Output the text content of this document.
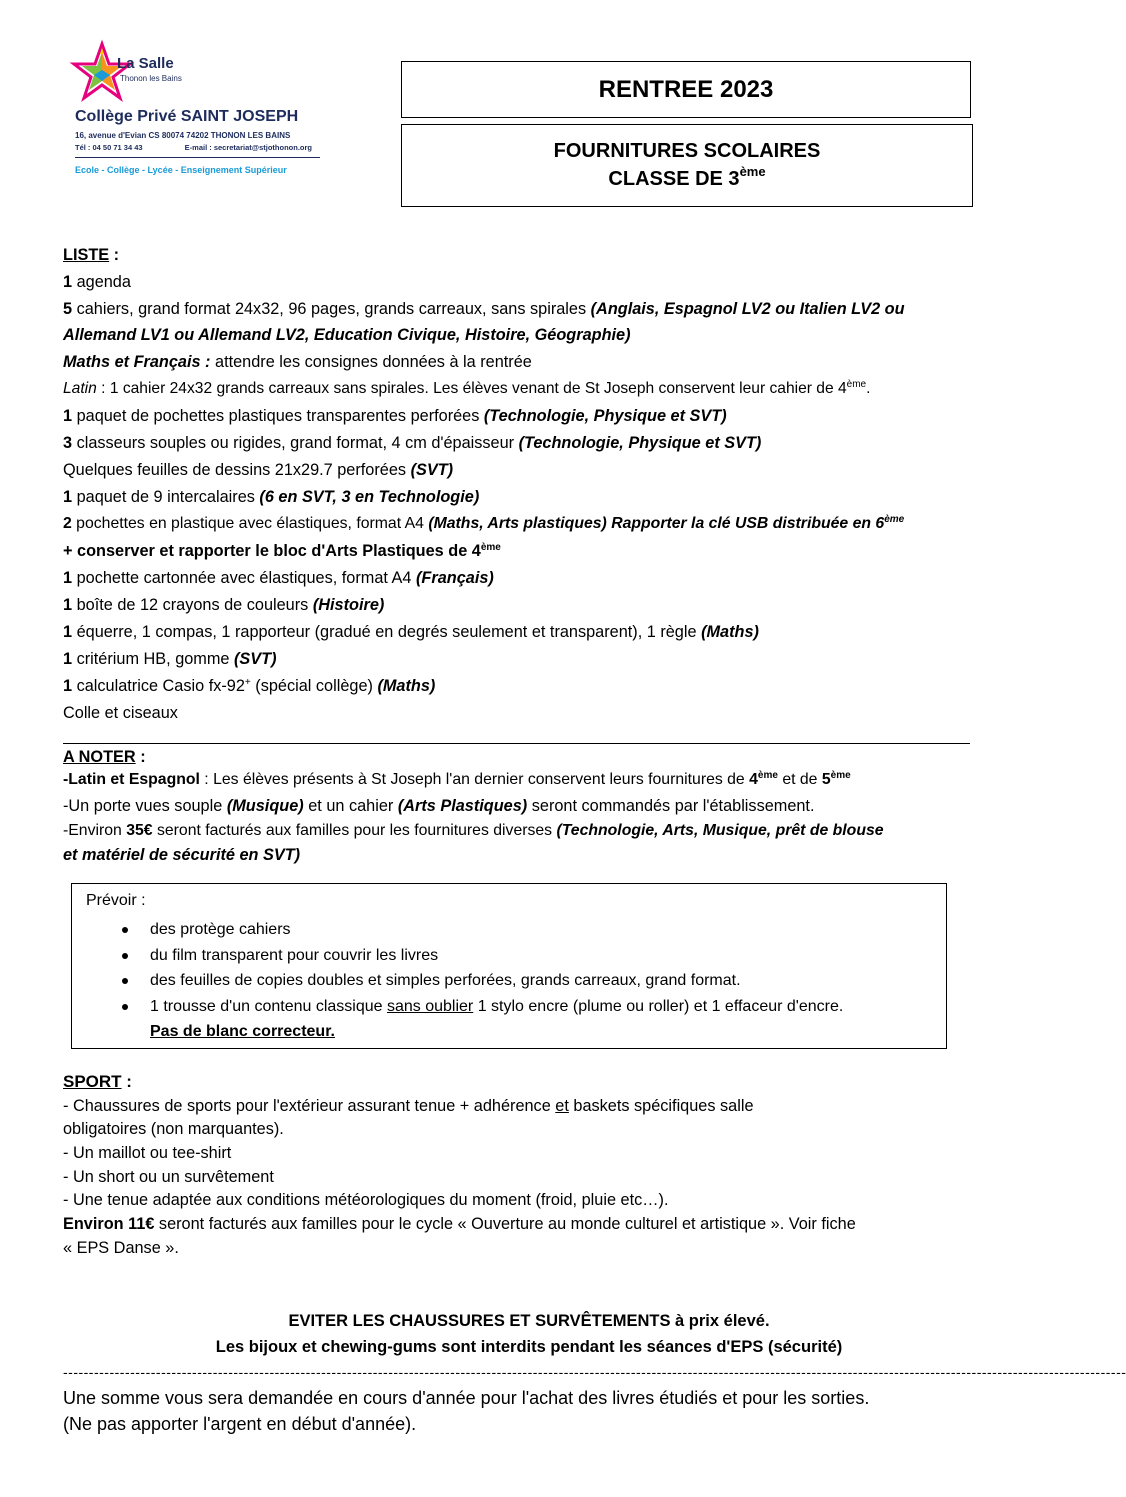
La Salle
Thonon les Bains
Collège Privé SAINT JOSEPH
16, avenue d'Evian CS 80074 74202 THONON LES BAINS
Tél : 04 50 71 34 43	E-mail : secretariat@stjothonon.org
Ecole - Collège - Lycée - Enseignement Supérieur
RENTREE 2023
FOURNITURES SCOLAIRES
CLASSE DE 3ème
LISTE :
1 agenda
5 cahiers, grand format 24x32, 96 pages, grands carreaux, sans spirales (Anglais, Espagnol LV2 ou Italien LV2 ou
Allemand LV1 ou Allemand LV2, Education Civique, Histoire, Géographie)
Maths et Français : attendre les consignes données à la rentrée
Latin : 1 cahier 24x32 grands carreaux sans spirales. Les élèves venant de St Joseph conservent leur cahier de 4ème.
1 paquet de pochettes plastiques transparentes perforées (Technologie, Physique et SVT)
3 classeurs souples ou rigides, grand format, 4 cm d'épaisseur (Technologie, Physique et SVT)
Quelques feuilles de dessins 21x29.7 perforées (SVT)
1 paquet de 9 intercalaires (6 en SVT, 3 en Technologie)
2 pochettes en plastique avec élastiques, format A4 (Maths, Arts plastiques) Rapporter la clé USB distribuée en 6ème
+ conserver et rapporter le bloc d'Arts Plastiques de 4ème
1 pochette cartonnée avec élastiques, format A4 (Français)
1 boîte de 12 crayons de couleurs (Histoire)
1 équerre, 1 compas, 1 rapporteur (gradué en degrés seulement et transparent), 1 règle (Maths)
1 critérium HB, gomme (SVT)
1 calculatrice Casio fx-92+ (spécial collège) (Maths)
Colle et ciseaux
A NOTER :
-Latin et Espagnol : Les élèves présents à St Joseph l'an dernier conservent leurs fournitures de 4ème et de 5ème
-Un porte vues souple (Musique) et un cahier (Arts Plastiques) seront commandés par l'établissement.
-Environ 35€ seront facturés aux familles pour les fournitures diverses (Technologie, Arts, Musique, prêt de blouse
et matériel de sécurité en SVT)
Prévoir :
des protège cahiers
du film transparent pour couvrir les livres
des feuilles de copies doubles et simples perforées, grands carreaux, grand format.
1 trousse d'un contenu classique sans oublier 1 stylo encre (plume ou roller) et 1 effaceur d'encre.
Pas de blanc correcteur.
SPORT :
- Chaussures de sports pour l'extérieur assurant tenue + adhérence et baskets spécifiques salle
obligatoires (non marquantes).
- Un maillot ou tee-shirt
- Un short ou un survêtement
- Une tenue adaptée aux conditions météorologiques du moment (froid, pluie etc…).
Environ 11€ seront facturés aux familles pour le cycle « Ouverture au monde culturel et artistique ». Voir fiche
« EPS Danse ».
EVITER LES CHAUSSURES ET SURVÊTEMENTS à prix élevé.
Les bijoux et chewing-gums sont interdits pendant les séances d'EPS (sécurité)
--------------------------------------------------------------------------------------------------------------------------------------------------------------------------------------------------------------
Une somme vous sera demandée en cours d'année pour l'achat des livres étudiés et pour les sorties.
(Ne pas apporter l'argent en début d'année).
